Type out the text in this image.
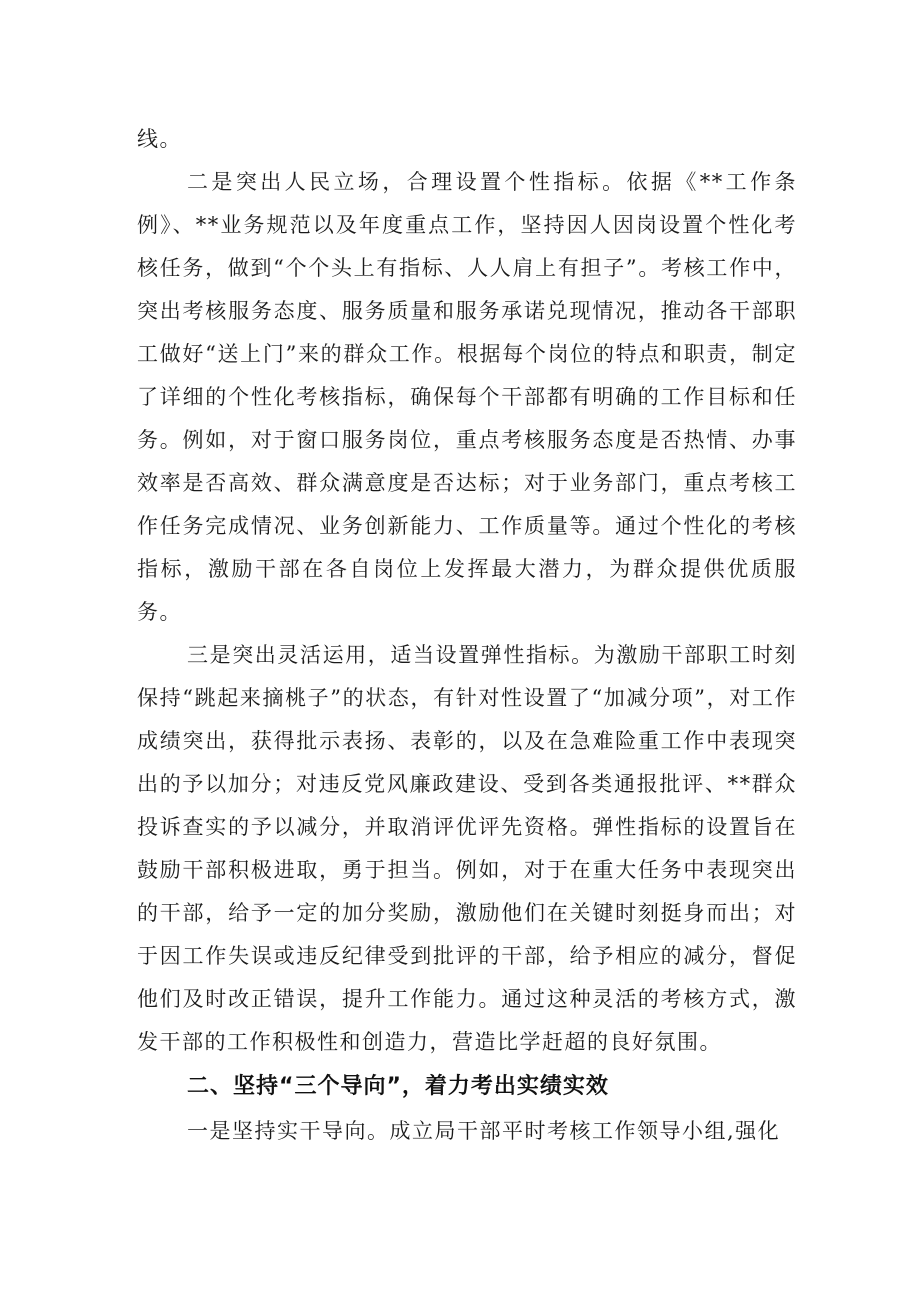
线。

二是突出人民立场，合理设置个性指标。依据《**工作条例》、**业务规范以及年度重点工作，坚持因人因岗设置个性化考核任务，做到“个个头上有指标、人人肩上有担子”。考核工作中，突出考核服务态度、服务质量和服务承诺兑现情况，推动各干部职工做好“送上门”来的群众工作。根据每个岗位的特点和职责，制定了详细的个性化考核指标，确保每个干部都有明确的工作目标和任务。例如，对于窗口服务岗位，重点考核服务态度是否热情、办事效率是否高效、群众满意度是否达标；对于业务部门，重点考核工作任务完成情况、业务创新能力、工作质量等。通过个性化的考核指标，激励干部在各自岗位上发挥最大潜力，为群众提供优质服务。

三是突出灵活运用，适当设置弹性指标。为激励干部职工时刻保持“跳起来摘桃子”的状态，有针对性设置了“加减分项”，对工作成绩突出，获得批示表扬、表彰的，以及在急难险重工作中表现突出的予以加分；对违反党风廉政建设、受到各类通报批评、**群众投诉查实的予以减分，并取消评优评先资格。弹性指标的设置旨在鼓励干部积极进取，勇于担当。例如，对于在重大任务中表现突出的干部，给予一定的加分奖励，激励他们在关键时刻挺身而出；对于因工作失误或违反纪律受到批评的干部，给予相应的减分，督促他们及时改正错误，提升工作能力。通过这种灵活的考核方式，激发干部的工作积极性和创造力，营造比学赶超的良好氛围。

二、坚持“三个导向”，着力考出实绩实效

一是坚持实干导向。成立局干部平时考核工作领导小组,强化
